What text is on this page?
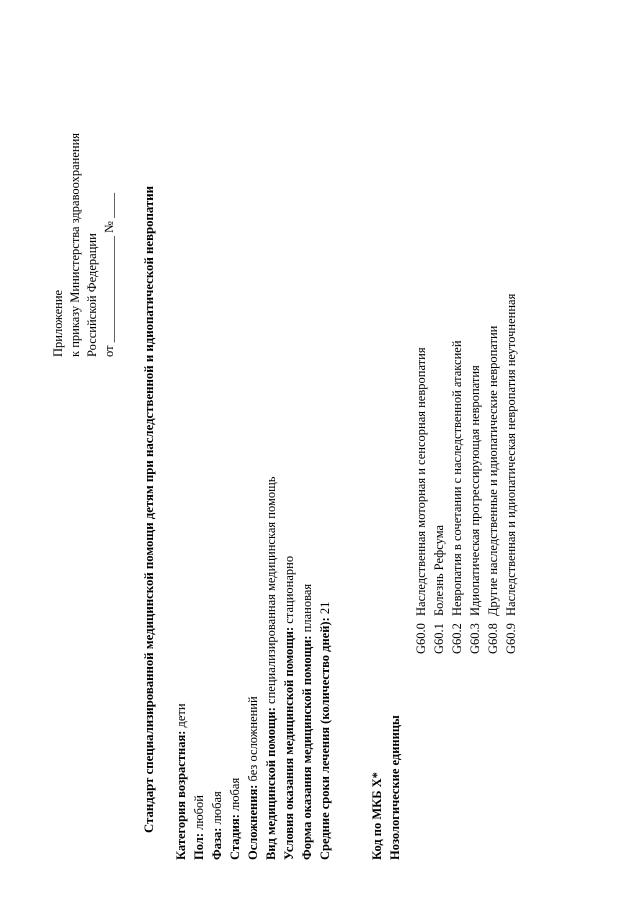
Приложение к приказу Министерства здравоохранения Российской Федерации от _________________ № ____ Стандарт специализированной медицинской помощи детям при наследственной и идиопатической невропатии Категория возрастная: дети
Пол: любой
Фаза: любая
Стадия: любая Осложнения: без осложнений Вид медицинской помощи: специализированная медицинская помощь
Условия оказания медицинской помощи: стационарно
Форма оказания медицинской помощи: плановая
Средние сроки лечения (количество дней): 21
Код по МКБ X* Нозологические единицы
G60.0Наследственная моторная и сенсорная невропатия
G60.1Болезнь Рефсума
G60.2Невропатия в сочетании с наследственной атаксией
G60.3Идиопатическая прогрессирующая невропатия
G60.8Другие наследственные и идиопатические невропатии
G60.9Наследственная и идиопатическая невропатия неуточненная
